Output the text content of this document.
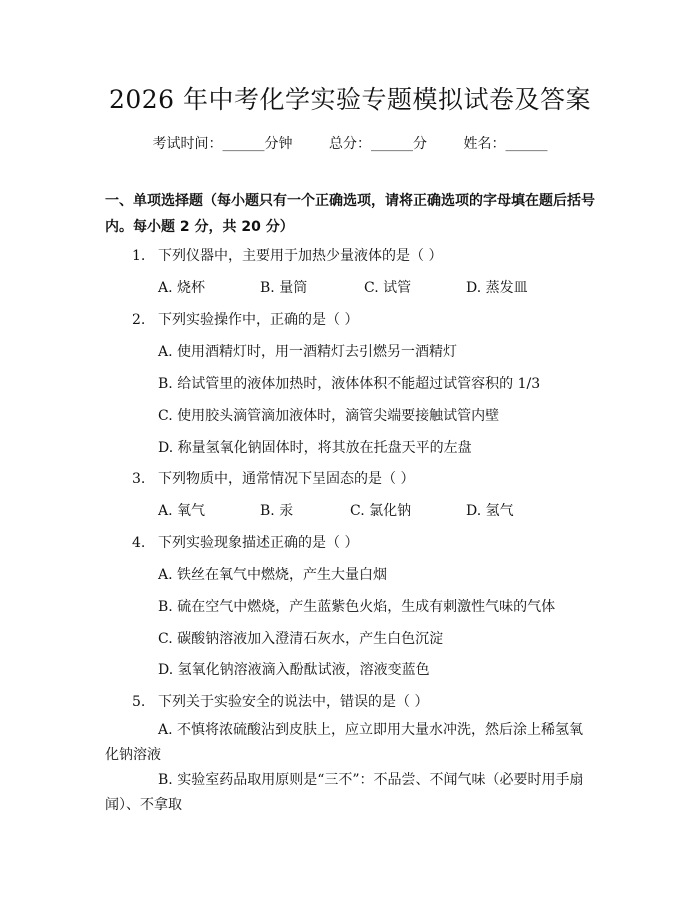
2026 年中考化学实验专题模拟试卷及答案
考试时间：______分钟	总分：______分	姓名：______
一、单项选择题（每小题只有一个正确选项，请将正确选项的字母填在题后括号内。每小题 2 分，共 20 分）
1. 下列仪器中，主要用于加热少量液体的是（ ）
A. 烧杯	B. 量筒	C. 试管	D. 蒸发皿
2. 下列实验操作中，正确的是（ ）
A. 使用酒精灯时，用一酒精灯去引燃另一酒精灯
B. 给试管里的液体加热时，液体体积不能超过试管容积的 1/3
C. 使用胶头滴管滴加液体时，滴管尖端要接触试管内壁
D. 称量氢氧化钠固体时，将其放在托盘天平的左盘
3. 下列物质中，通常情况下呈固态的是（ ）
A. 氧气	B. 汞	C. 氯化钠	D. 氢气
4. 下列实验现象描述正确的是（ ）
A. 铁丝在氧气中燃烧，产生大量白烟
B. 硫在空气中燃烧，产生蓝紫色火焰，生成有刺激性气味的气体
C. 碳酸钠溶液加入澄清石灰水，产生白色沉淀
D. 氢氧化钠溶液滴入酚酞试液，溶液变蓝色
5. 下列关于实验安全的说法中，错误的是（ ）
A. 不慎将浓硫酸沾到皮肤上，应立即用大量水冲洗，然后涂上稀氢氧化钠溶液
B. 实验室药品取用原则是“三不”：不品尝、不闻气味（必要时用手扇闻）、不拿取
